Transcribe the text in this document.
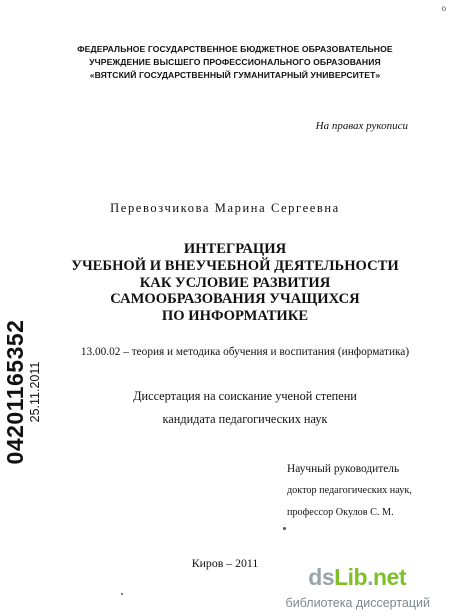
o
ФЕДЕРАЛЬНОЕ ГОСУДАРСТВЕННОЕ БЮДЖЕТНОЕ ОБРАЗОВАТЕЛЬНОЕ
УЧРЕЖДЕНИЕ ВЫСШЕГО ПРОФЕССИОНАЛЬНОГО ОБРАЗОВАНИЯ
«ВЯТСКИЙ ГОСУДАРСТВЕННЫЙ ГУМАНИТАРНЫЙ УНИВЕРСИТЕТ»
На правах рукописи
Перевозчикова Марина Сергеевна
ИНТЕГРАЦИЯ
УЧЕБНОЙ И ВНЕУЧЕБНОЙ ДЕЯТЕЛЬНОСТИ
КАК УСЛОВИЕ РАЗВИТИЯ
САМООБРАЗОВАНИЯ УЧАЩИХСЯ
ПО ИНФОРМАТИКЕ
13.00.02 – теория и методика обучения и воспитания (информатика)
Диссертация на соискание ученой степени
кандидата педагогических наук
Научный руководитель
доктор педагогических наук,
профессор Окулов С. М.
Киров – 2011
04201165352 25.11.2011
dsLib.net
библиотека диссертаций
